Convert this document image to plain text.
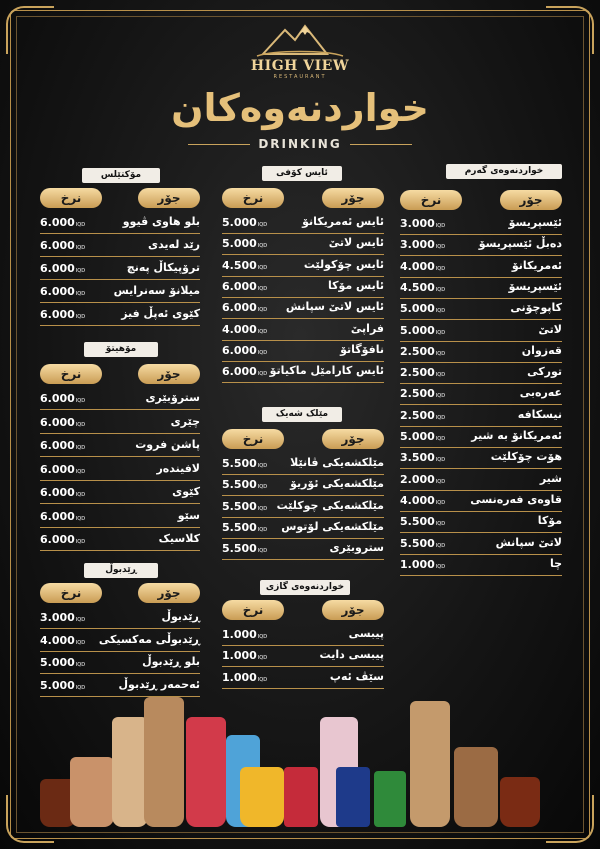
HIGH VIEW
RESTAURANT
خواردنەوەکان
DRINKING
خواردنەوەی گەرم
جۆر
نرخ
3.000IQD	ئێسپریسۆ
3.000IQD	دەبڵ ئێسپریسۆ
4.000IQD	ئەمریکانۆ
4.500IQD	ئێسپریسۆ
5.000IQD	کاپوچۆنی
5.000IQD	لاتێ
2.500IQD	قەزوان
2.500IQD	تورکی
2.500IQD	عەرەبی
2.500IQD	نیسکافە
5.000IQD ئەمریکانۆ بە شیر
3.500IQD	هۆت چۆکلێت
2.000IQD	شیر
4.000IQD قاوەی فەرەنسی
5.500IQD	مۆکا
5.500IQD	لاتێ سپانش
1.000IQD	چا
ئایس کۆفی
جۆر
نرخ
5.000IQD	ئایس ئەمریکانۆ
5.000IQD	ئایس لاتێ
4.500IQD	ئایس چۆکولێت
6.000IQD	ئایس مۆکا
6.000IQD ئایس لاتێ سپانش
4.000IQD	فراپێ
6.000IQD	نافۆگاتۆ
6.000IQD ئایس کارامێل ماکیاتۆ
مێلک شەیک
جۆر
نرخ
5.500IQD مێلکشەیکی ڤانێلا
5.500IQD مێلکشەیکی ئۆریۆ
5.500IQD مێلکشەیکی چوکلێت
5.500IQD مێلکشەیکی لۆتوس
5.500IQD	ستروبێری
خواردنەوەی گازی
جۆر
نرخ
1.000IQD	پیبسی
1.000IQD	پیبسی دایت
1.000IQD	سێڤ ئەپ
مۆکتێلس
جۆر
نرخ
6.000IQD	بلو هاوی ڤیوو
6.000IQD	رێد لەیدی
6.000IQD	ترۆپیکاڵ پەنچ
6.000IQD	میلانۆ سەنرایس
6.000IQD	کێوی ئەپڵ فیز
مۆهیتۆ
جۆر
نرخ
6.000IQD	سترۆبێری
6.000IQD	چێری
6.000IQD	پاشن فروت
6.000IQD	لافیندەر
6.000IQD	کێوی
6.000IQD	سێو
6.000IQD	کلاسیک
ڕێدبوڵ
جۆر
نرخ
3.000IQD	ڕێدبوڵ
4.000IQD ڕێدبوڵی مەکسیکی
5.000IQD	بلو ڕێدبوڵ
5.000IQD	ئەحمەر ڕێدبوڵ
